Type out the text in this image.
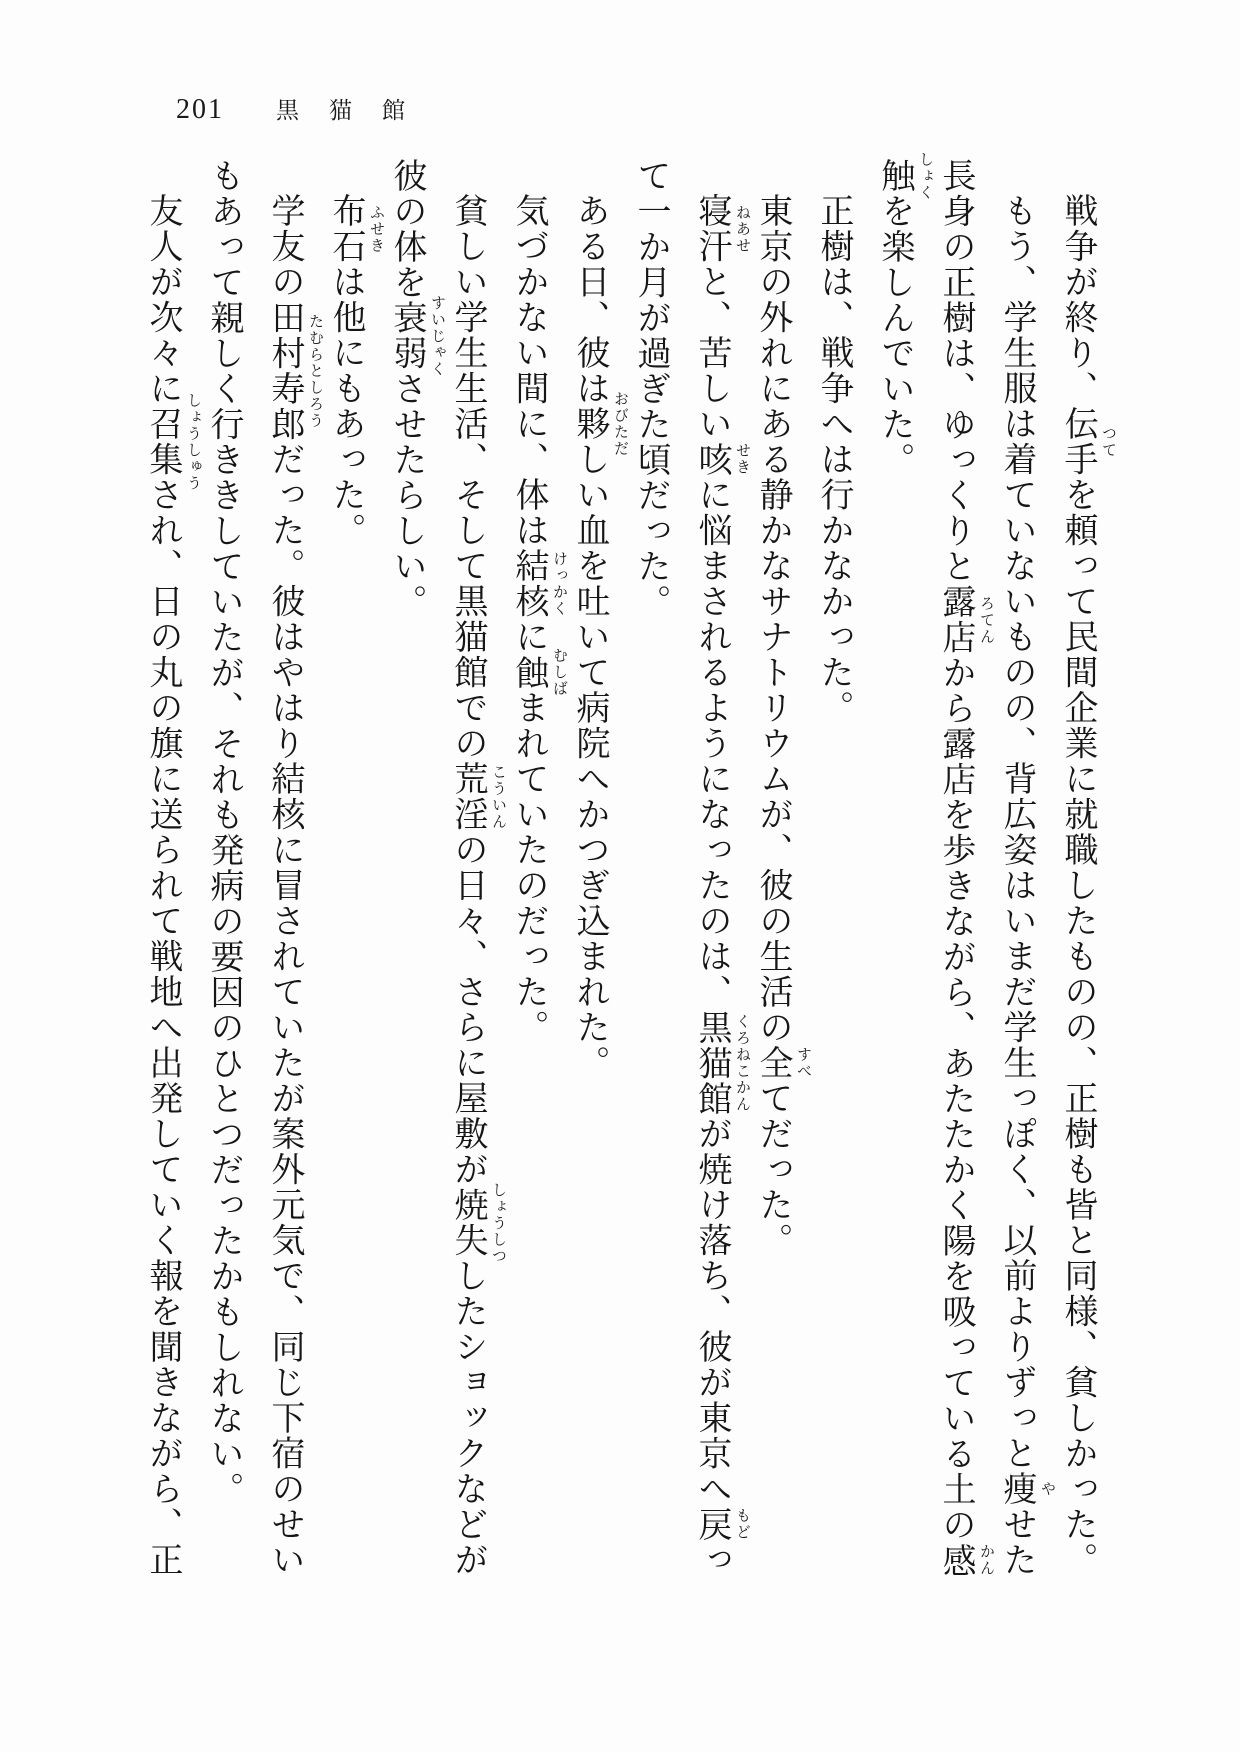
201 黒猫館

戦争が終り、伝手 つて
を頼って民間企業に就職したものの、正樹も皆と同様、貧しかった。

もう、学生服は着ていないものの、背広姿はいまだ学生っぽく、以前よりずっと痩 や
せた長身の正樹は、ゆっくりと露店 ろてん
から露店を歩きながら、あたたかく陽を吸っている土の感 かん
触 しょく
を楽しんでいた。

正樹は、戦争へは行かなかった。

東京の外れにある静かなサナトリウムが、彼の生活の全 すべ
てだった。

寝汗 ねあせ
と、苦しい咳 せき
に悩まされるようになったのは、黒猫館 くろねこかん
が焼け落ち、彼が東京へ戻 もど
って一か月が過ぎた頃だった。

ある日、彼は夥 おびただ
しい血を吐いて病院へかつぎ込まれた。

気づかない間に、体は結核 けっかく
に蝕 むしば
まれていたのだった。

貧しい学生生活、そして黒猫館での荒淫 こういん
の日々、さらに屋敷が焼失 しょうしつ
したショックなどが彼の体を衰弱 すいじゃく
させたらしい。

布石 ふせき
は他にもあった。

学友の田村寿郎 たむらとしろう
だった。彼はやはり結核に冒されていたが案外元気で、同じ下宿のせいもあって親しく行ききしていたが、それも発病の要因のひとつだったかもしれない。

友人が次々に召集 しょうしゅう
され、日の丸の旗に送られて戦地へ出発していく報を聞きながら、正
